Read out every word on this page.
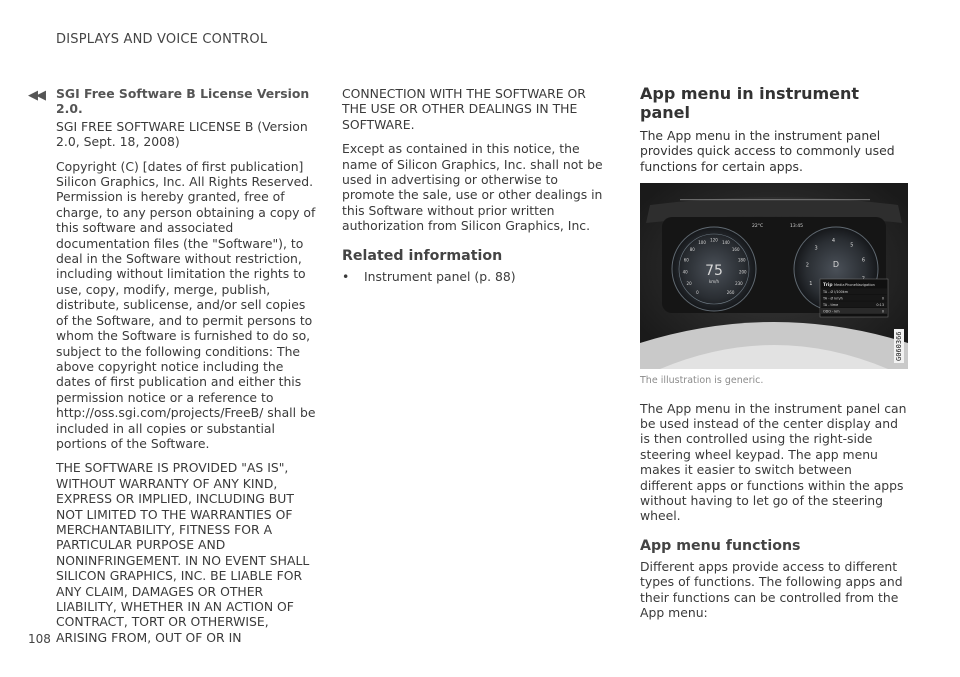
DISPLAYS AND VOICE CONTROL
◀◀ SGI Free Software B License Version 2.0.

SGI FREE SOFTWARE LICENSE B (Version 2.0, Sept. 18, 2008)

Copyright (C) [dates of first publication] Silicon Graphics, Inc. All Rights Reserved. Permission is hereby granted, free of charge, to any person obtaining a copy of this software and associated documentation files (the "Software"), to deal in the Software without restriction, including without limitation the rights to use, copy, modify, merge, publish, distribute, sublicense, and/or sell copies of the Software, and to permit persons to whom the Software is furnished to do so, subject to the following conditions: The above copyright notice including the dates of first publication and either this permission notice or a reference to http://oss.sgi.com/projects/FreeB/ shall be included in all copies or substantial portions of the Software.

THE SOFTWARE IS PROVIDED "AS IS", WITHOUT WARRANTY OF ANY KIND, EXPRESS OR IMPLIED, INCLUDING BUT NOT LIMITED TO THE WARRANTIES OF MERCHANTABILITY, FITNESS FOR A PARTICULAR PURPOSE AND NONINFRINGEMENT. IN NO EVENT SHALL SILICON GRAPHICS, INC. BE LIABLE FOR ANY CLAIM, DAMAGES OR OTHER LIABILITY, WHETHER IN AN ACTION OF CONTRACT, TORT OR OTHERWISE, ARISING FROM, OUT OF OR IN

CONNECTION WITH THE SOFTWARE OR THE USE OR OTHER DEALINGS IN THE SOFTWARE.

Except as contained in this notice, the name of Silicon Graphics, Inc. shall not be used in advertising or otherwise to promote the sale, use or other dealings in this Software without prior written authorization from Silicon Graphics, Inc.

Related information
• Instrument panel (p. 88)
App menu in instrument panel

The App menu in the instrument panel provides quick access to commonly used functions for certain apps.

0
20
40
60
80
100
120
140
160
180
200
230
260
75
km/h	1
2
3
4
5
6
D
Trip Media Phone Navigation
TA - Ø l/100km
TA - Ø km/h	0
TA - time	0:13
ODO - km	0
22°C	13:45
G060366
The illustration is generic.

The App menu in the instrument panel can be used instead of the center display and is then controlled using the right-side steering wheel keypad. The app menu makes it easier to switch between different apps or functions within the apps without having to let go of the steering wheel.

App menu functions

Different apps provide access to different types of functions. The following apps and their functions can be controlled from the App menu:

108
